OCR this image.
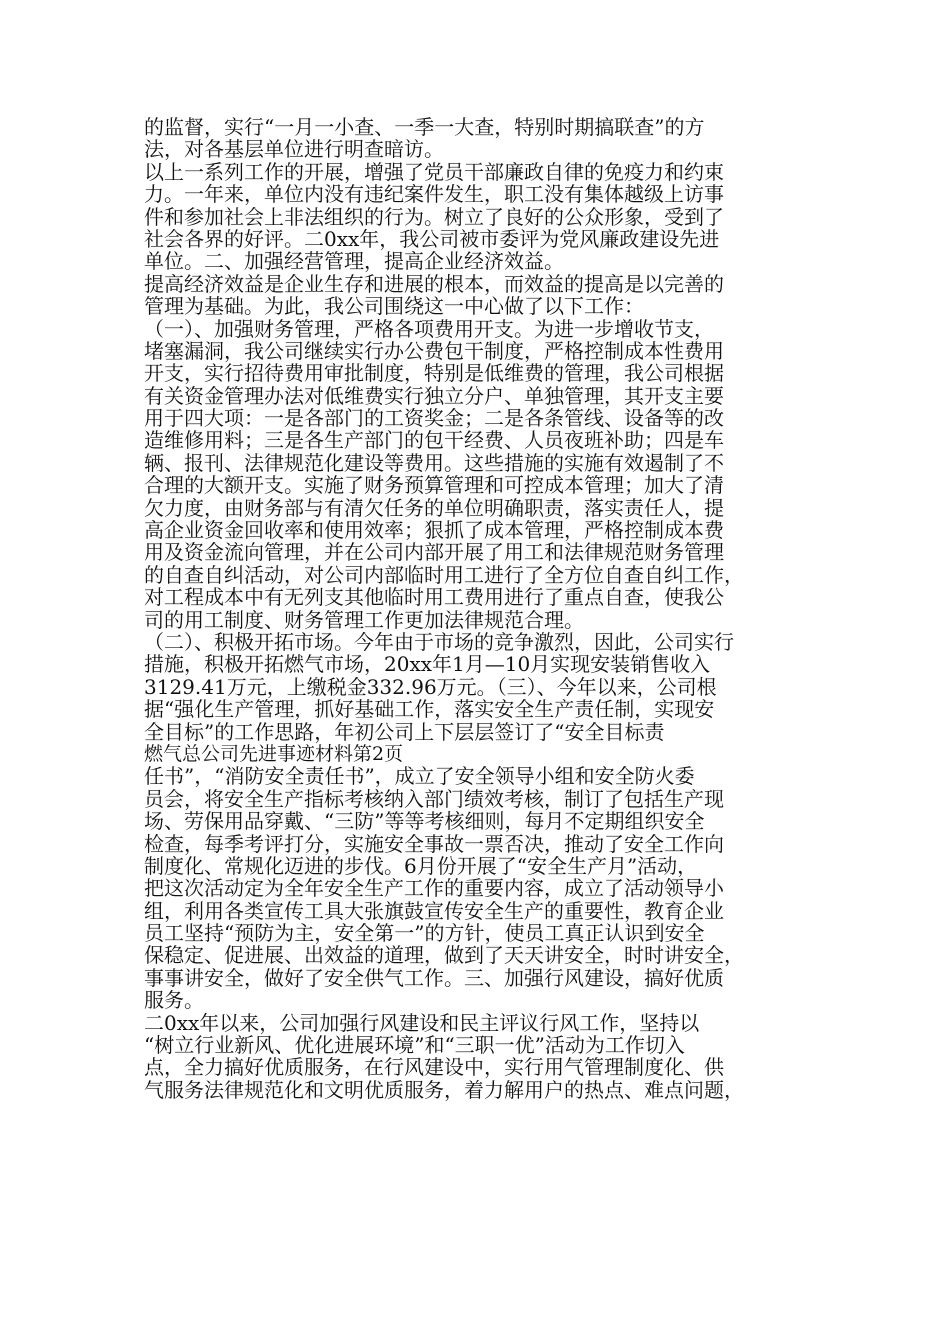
的监督，实行“一月一小查、一季一大查，特别时期搞联查”的方
法，对各基层单位进行明查暗访。
以上一系列工作的开展，增强了党员干部廉政自律的免疫力和约束
力。一年来，单位内没有违纪案件发生，职工没有集体越级上访事
件和参加社会上非法组织的行为。树立了良好的公众形象，受到了
社会各界的好评。二0xx年，我公司被市委评为党风廉政建设先进
单位。二、加强经营管理，提高企业经济效益。
提高经济效益是企业生存和进展的根本，而效益的提高是以完善的
管理为基础。为此，我公司围绕这一中心做了以下工作：
（一）、加强财务管理，严格各项费用开支。为进一步增收节支，
堵塞漏洞，我公司继续实行办公费包干制度，严格控制成本性费用
开支，实行招待费用审批制度，特别是低维费的管理，我公司根据
有关资金管理办法对低维费实行独立分户、单独管理，其开支主要
用于四大项：一是各部门的工资奖金；二是各条管线、设备等的改
造维修用料；三是各生产部门的包干经费、人员夜班补助；四是车
辆、报刊、法律规范化建设等费用。这些措施的实施有效遏制了不
合理的大额开支。实施了财务预算管理和可控成本管理；加大了清
欠力度，由财务部与有清欠任务的单位明确职责，落实责任人，提
高企业资金回收率和使用效率；狠抓了成本管理，严格控制成本费
用及资金流向管理，并在公司内部开展了用工和法律规范财务管理
的自查自纠活动，对公司内部临时用工进行了全方位自查自纠工作，
对工程成本中有无列支其他临时用工费用进行了重点自查，使我公
司的用工制度、财务管理工作更加法律规范合理。
（二）、积极开拓市场。今年由于市场的竞争激烈，因此，公司实行
措施，积极开拓燃气市场，20xx年1月—10月实现安装销售收入
3129.41万元，上缴税金332.96万元。（三）、今年以来，公司根
据“强化生产管理，抓好基础工作，落实安全生产责任制，实现安
全目标”的工作思路，年初公司上下层层签订了“安全目标责
燃气总公司先进事迹材料第2页
任书”，“消防安全责任书”，成立了安全领导小组和安全防火委
员会，将安全生产指标考核纳入部门绩效考核，制订了包括生产现
场、劳保用品穿戴、“三防”等等考核细则，每月不定期组织安全
检查，每季考评打分，实施安全事故一票否决，推动了安全工作向
制度化、常规化迈进的步伐。6月份开展了“安全生产月”活动，
把这次活动定为全年安全生产工作的重要内容，成立了活动领导小
组，利用各类宣传工具大张旗鼓宣传安全生产的重要性，教育企业
员工坚持“预防为主，安全第一”的方针，使员工真正认识到安全
保稳定、促进展、出效益的道理，做到了天天讲安全，时时讲安全，
事事讲安全，做好了安全供气工作。三、加强行风建设，搞好优质
服务。
二0xx年以来，公司加强行风建设和民主评议行风工作，坚持以
“树立行业新风、优化进展环境”和“三职一优”活动为工作切入
点，全力搞好优质服务，在行风建设中，实行用气管理制度化、供
气服务法律规范化和文明优质服务，着力解用户的热点、难点问题，
